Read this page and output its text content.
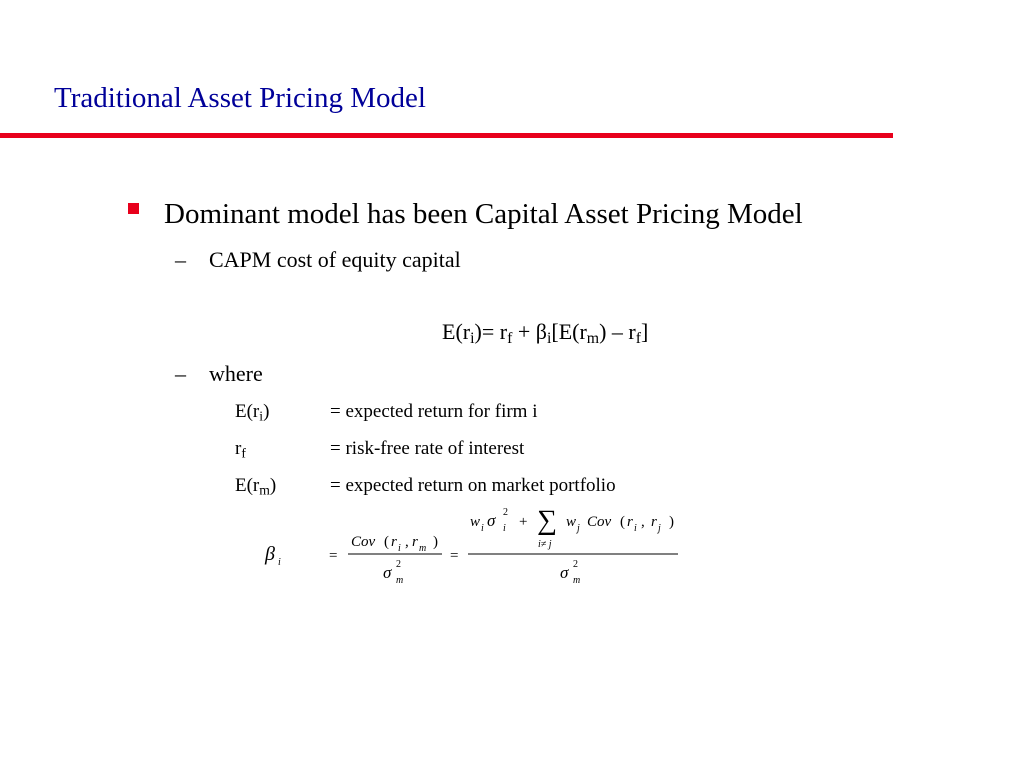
Traditional Asset Pricing Model
Dominant model has been Capital Asset Pricing Model
– CAPM cost of equity capital
$E(r_i)= r_f + \beta_i[E(r_m) - r_f]$
– where
$E(r_i)$	= expected return for firm i
$r_f$	= risk-free rate of interest
$E(r_m)$	= expected return on market portfolio
β i	=
Cov ( r i , r m )
σ 2
m
=
w i σ 2
i + ∑
i≠ j
w j Cov ( r i , r j )
σ 2
m
